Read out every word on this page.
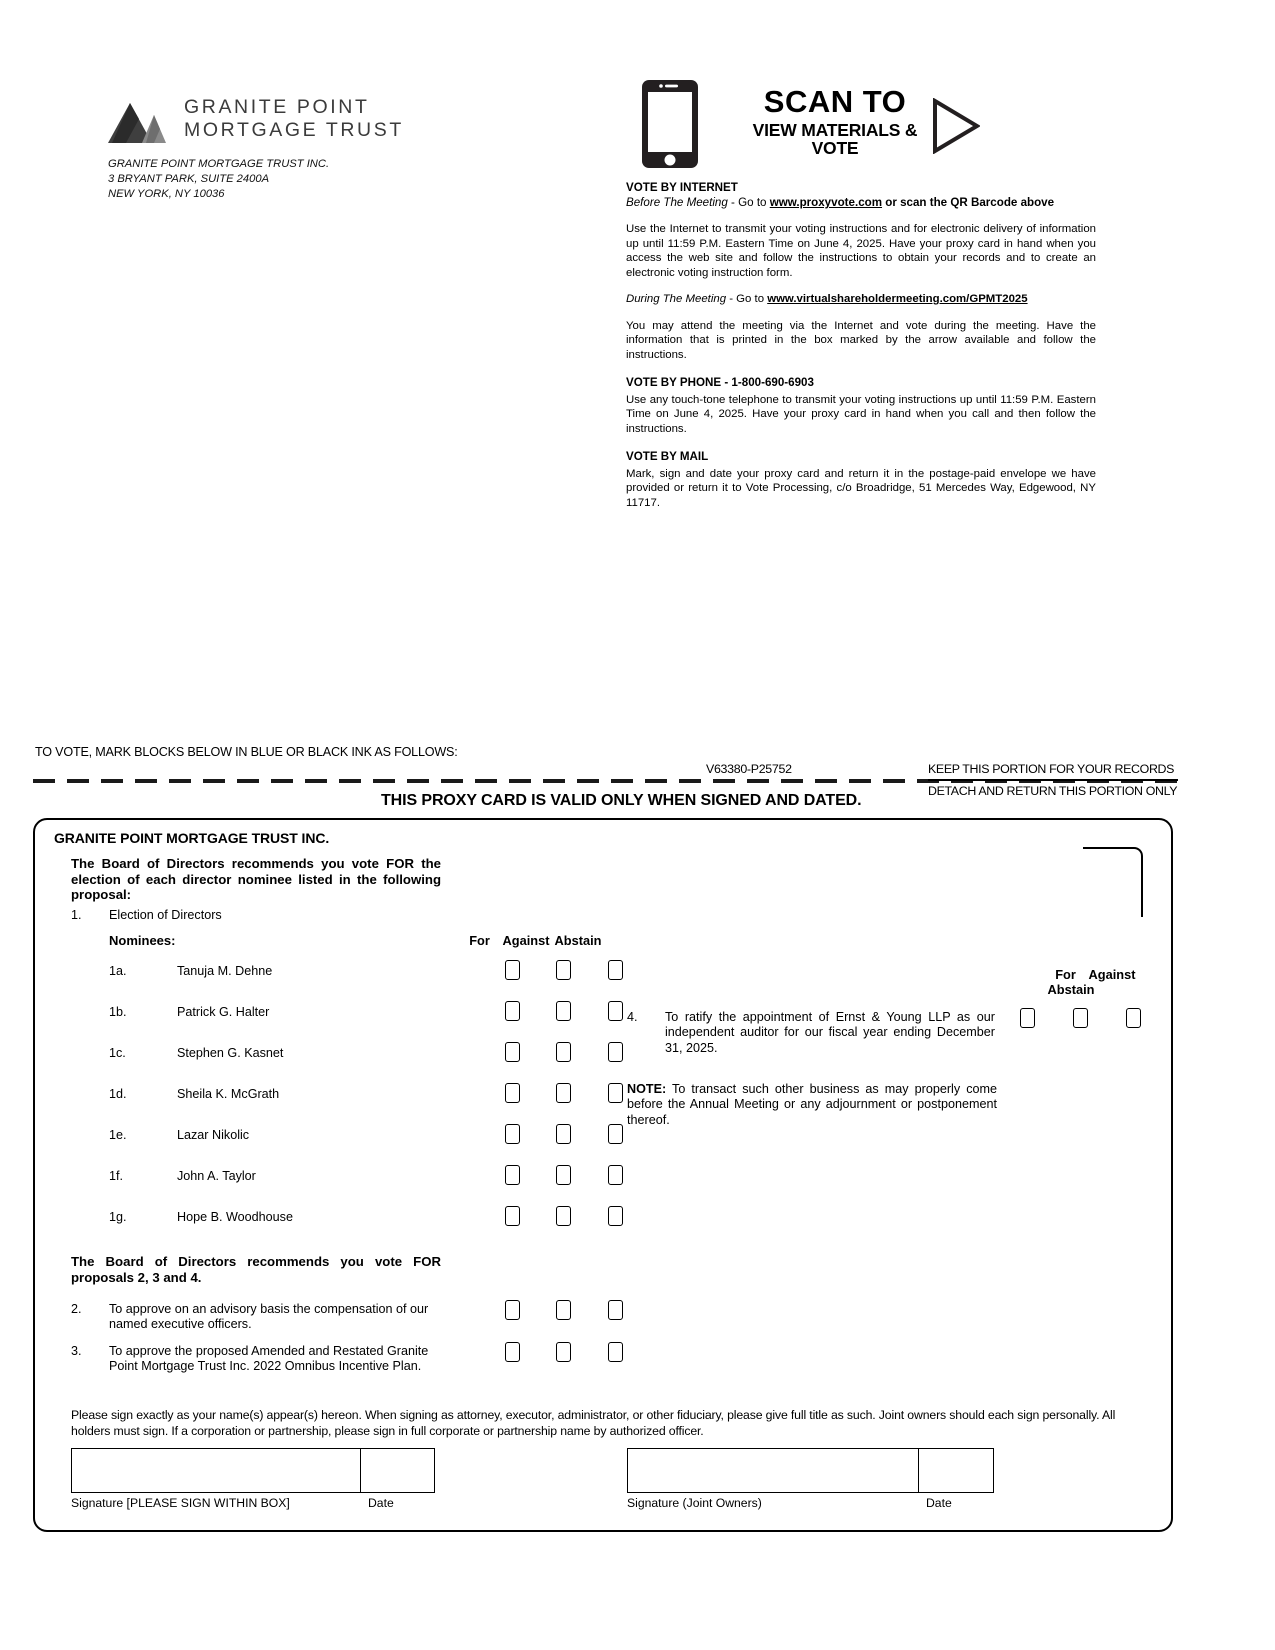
GRANITE POINT
MORTGAGE TRUST
GRANITE POINT MORTGAGE TRUST INC.
3 BRYANT PARK, SUITE 2400A
NEW YORK, NY 10036
SCAN TO
VIEW MATERIALS & VOTE
VOTE BY INTERNET
Before The Meeting - Go to www.proxyvote.com or scan the QR Barcode above
Use the Internet to transmit your voting instructions and for electronic delivery of information up until 11:59 P.M. Eastern Time on June 4, 2025. Have your proxy card in hand when you access the web site and follow the instructions to obtain your records and to create an electronic voting instruction form.
During The Meeting - Go to www.virtualshareholdermeeting.com/GPMT2025
You may attend the meeting via the Internet and vote during the meeting. Have the information that is printed in the box marked by the arrow available and follow the instructions.
VOTE BY PHONE - 1-800-690-6903
Use any touch-tone telephone to transmit your voting instructions up until 11:59 P.M. Eastern Time on June 4, 2025. Have your proxy card in hand when you call and then follow the instructions.
VOTE BY MAIL
Mark, sign and date your proxy card and return it in the postage-paid envelope we have provided or return it to Vote Processing, c/o Broadridge, 51 Mercedes Way, Edgewood, NY 11717.
TO VOTE, MARK BLOCKS BELOW IN BLUE OR BLACK INK AS FOLLOWS:
V63380-P25752	KEEP THIS PORTION FOR YOUR RECORDS
DETACH AND RETURN THIS PORTION ONLY
THIS PROXY CARD IS VALID ONLY WHEN SIGNED AND DATED.
GRANITE POINT MORTGAGE TRUST INC.
The Board of Directors recommends you vote FOR the election of each director nominee listed in the following proposal:
1. Election of Directors
Nominees:	For Against Abstain
1a.	Tanuja M. Dehne
1b.	Patrick G. Halter
1c.	Stephen G. Kasnet
1d.	Sheila K. McGrath
1e.	Lazar Nikolic
1f.	John A. Taylor
1g.	Hope B. Woodhouse
The Board of Directors recommends you vote FOR proposals 2, 3 and 4.
2. To approve on an advisory basis the compensation of our named executive officers.
3. To approve the proposed Amended and Restated Granite Point Mortgage Trust Inc. 2022 Omnibus Incentive Plan.
For AgainstAbstain
4. To ratify the appointment of Ernst & Young LLP as our independent auditor for our fiscal year ending December 31, 2025.
NOTE: To transact such other business as may properly come before the Annual Meeting or any adjournment or postponement thereof.
Please sign exactly as your name(s) appear(s) hereon. When signing as attorney, executor, administrator, or other fiduciary, please give full title as such. Joint owners should each sign personally. All holders must sign. If a corporation or partnership, please sign in full corporate or partnership name by authorized officer.
Signature [PLEASE SIGN WITHIN BOX]	Date	Signature (Joint Owners)	Date
